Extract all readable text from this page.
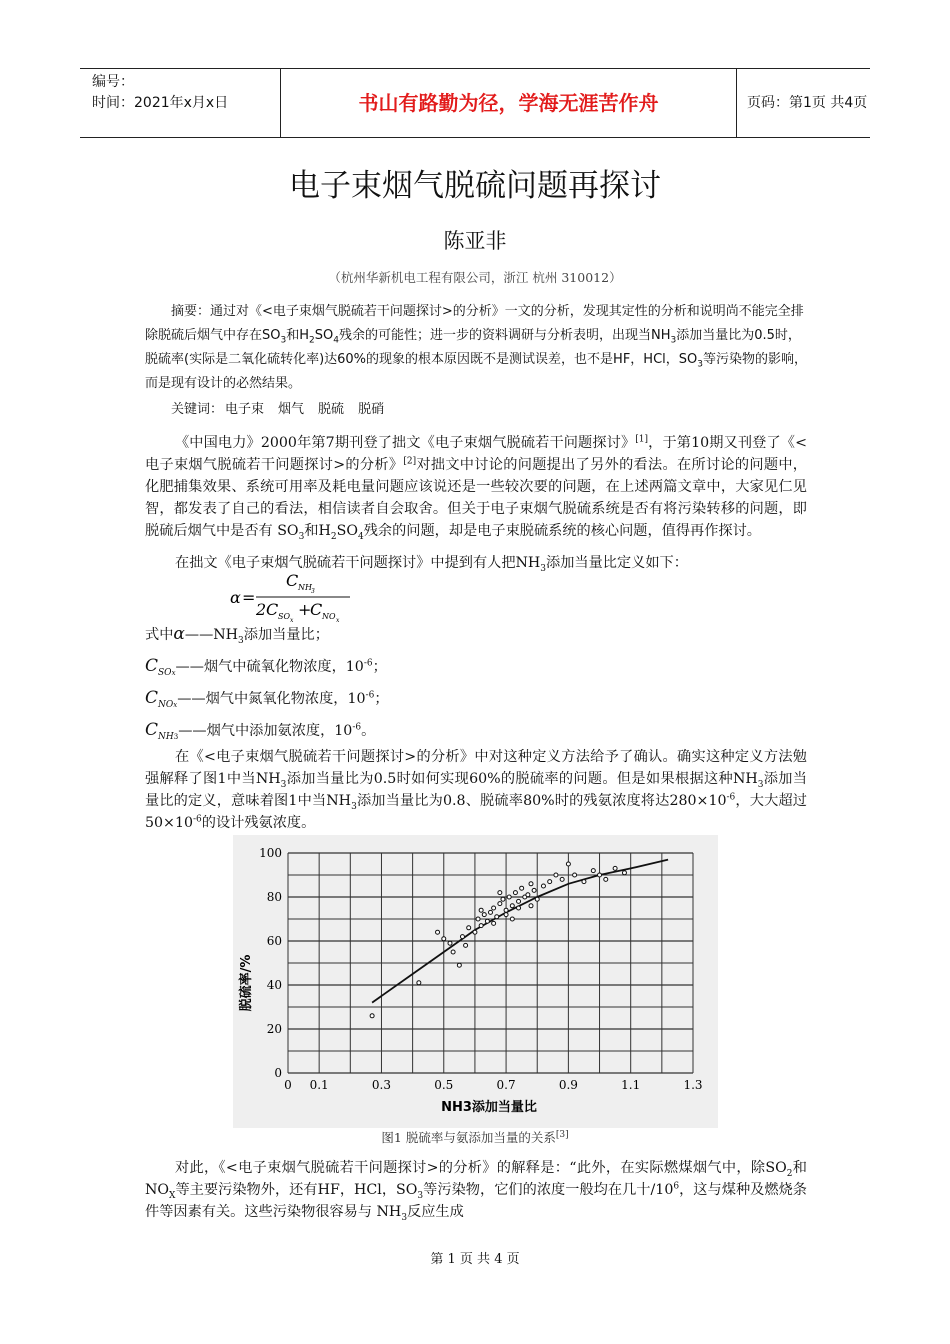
编号：
时间：2021年x月x日	书山有路勤为径，学海无涯苦作舟	页码：第1页 共4页
电子束烟气脱硫问题再探讨
陈亚非
（杭州华新机电工程有限公司，浙江 杭州 310012）
摘要：通过对《<电子束烟气脱硫若干问题探讨>的分析》一文的分析，发现其定性的分析和说明尚不能完全排除脱硫后烟气中存在$SO_3$和$H_2SO_4$残余的可能性；进一步的资料调研与分析表明，出现当$NH_3$添加当量比为0.5时，脱硫率(实际是二氧化硫转化率)达60%的现象的根本原因既不是测试误差，也不是HF，HCl，$SO_3$等污染物的影响，而是现有设计的必然结果。
关键词： 电子束 烟气 脱硫 脱硝
《中国电力》2000年第7期刊登了拙文《电子束烟气脱硫若干问题探讨》[1]，于第10期又刊登了《<电子束烟气脱硫若干问题探讨>的分析》[2]对拙文中讨论的问题提出了另外的看法。在所讨论的问题中，化肥捕集效果、系统可用率及耗电量问题应该说还是一些较次要的问题，在上述两篇文章中，大家见仁见智，都发表了自己的看法，相信读者自会取舍。但关于电子束烟气脱硫系统是否有将污染转移的问题，即脱硫后烟气中是否有 $SO_3$和$H_2SO_4$残余的问题，却是电子束脱硫系统的核心问题，值得再作探讨。
在拙文《电子束烟气脱硫若干问题探讨》中提到有人把$NH_3$添加当量比定义如下：
α =
C NH 3
2 C SO x
+
C NO x
式中$\alpha——NH_3$添加当量比；
$C_{SOx}——$烟气中硫氧化物浓度，$10^{-6}$；
$C_{NOx}——$烟气中氮氧化物浓度，$10^{-6}$；
$C_{NH3}——$烟气中添加氨浓度，$10^{-6}$。
在《<电子束烟气脱硫若干问题探讨>的分析》中对这种定义方法给予了确认。确实这种定义方法勉强解释了图1中当$NH_3$添加当量比为0.5时如何实现60%的脱硫率的问题。但是如果根据这种$NH_3$添加当量比的定义，意味着图1中当$NH_3$添加当量比为0.8、脱硫率80%时的残氨浓度将达$280\times 10^{-6}$，大大超过$50\times 10^{-6}$的设计残氨浓度。
0 0.1	0.3	0.5	0.7	0.9	1.1	1.3
0
20
40
60
80
100
脱硫率/%
NH3添加当量比
图1 脱硫率与氨添加当量的关系[3]
对此，《<电子束烟气脱硫若干问题探讨>的分析》的解释是：“此外，在实际燃煤烟气中，除$SO_2$和$NO_X$等主要污染物外，还有HF，HCl，$SO_3$等污染物，它们的浓度一般均在几十$/10^6$，这与煤种及燃烧条件等因素有关。这些污染物很容易与 $NH_3$反应生成
第 1 页 共 4 页
